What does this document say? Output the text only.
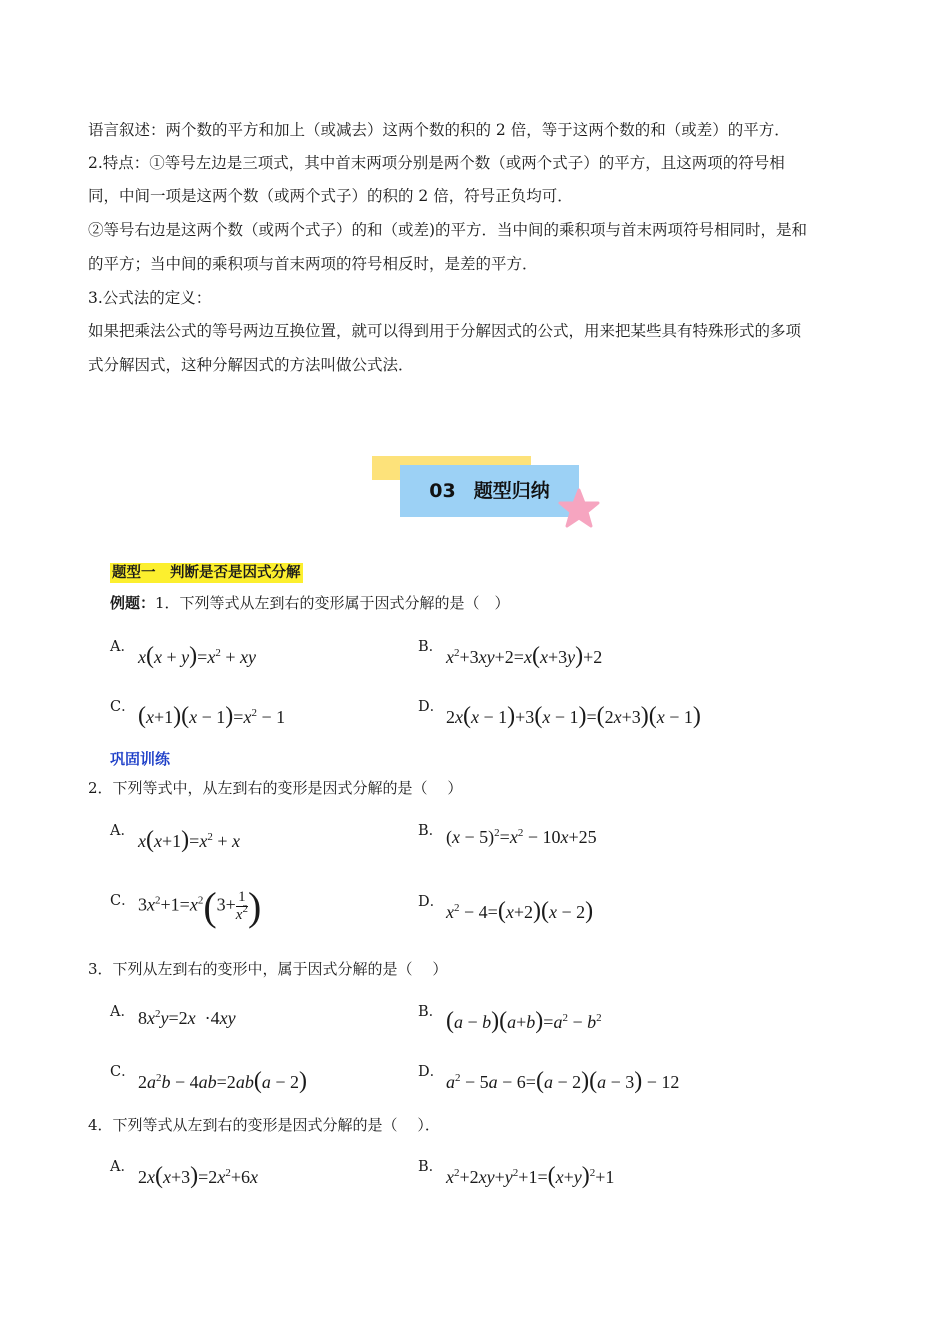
语言叙述：两个数的平方和加上（或减去）这两个数的积的 2 倍，等于这两个数的和（或差）的平方．
2.特点：①等号左边是三项式，其中首末两项分别是两个数（或两个式子）的平方，且这两项的符号相
同，中间一项是这两个数（或两个式子）的积的 2 倍，符号正负均可．
②等号右边是这两个数（或两个式子）的和（或差)的平方．当中间的乘积项与首末两项符号相同时，是和
的平方；当中间的乘积项与首末两项的符号相反时，是差的平方．
3.公式法的定义：
如果把乘法公式的等号两边互换位置，就可以得到用于分解因式的公式，用来把某些具有特殊形式的多项
式分解因式，这种分解因式的方法叫做公式法．
03 题型归纳
题型一　判断是否是因式分解
例题：1．下列等式从左到右的变形属于因式分解的是（　）
A． $x(x + y)=x^2$ + xy	B． $x^2+3xy+2=x(x+3y)+2$
C． $(x+1)(x - 1)=x^2 - 1$	D． 2x(x − 1)+3(x − 1)=(2x+3)(x − 1)
巩固训练
2．下列等式中，从左到右的变形是因式分解的是（　 ）
A． $x(x+1)=x^2 + x$	B． $(x - 5)^2=x^2 - 10x+25$
C． $3x^2+1=x^2(3+ \frac{1}{x^2}$ )	D． $x^2 - 4=(x+2)(x - 2)$
3．下列从左到右的变形中，属于因式分解的是（　 ）
A． $8x^2y=2x \cdot 4xy$	B． $(a - b)(a+b)=a^2 - b^2$
C． $2a^2b - 4ab=2ab(a - 2)$	D． $a^2 - 5a - 6=(a - 2)(a - 3) - 12$
4．下列等式从左到右的变形是因式分解的是（　 ）．
A． $2x(x+3)=2x^2+6x$	B． $x^2+2xy+y^2+1=(x+y)^2+1$
